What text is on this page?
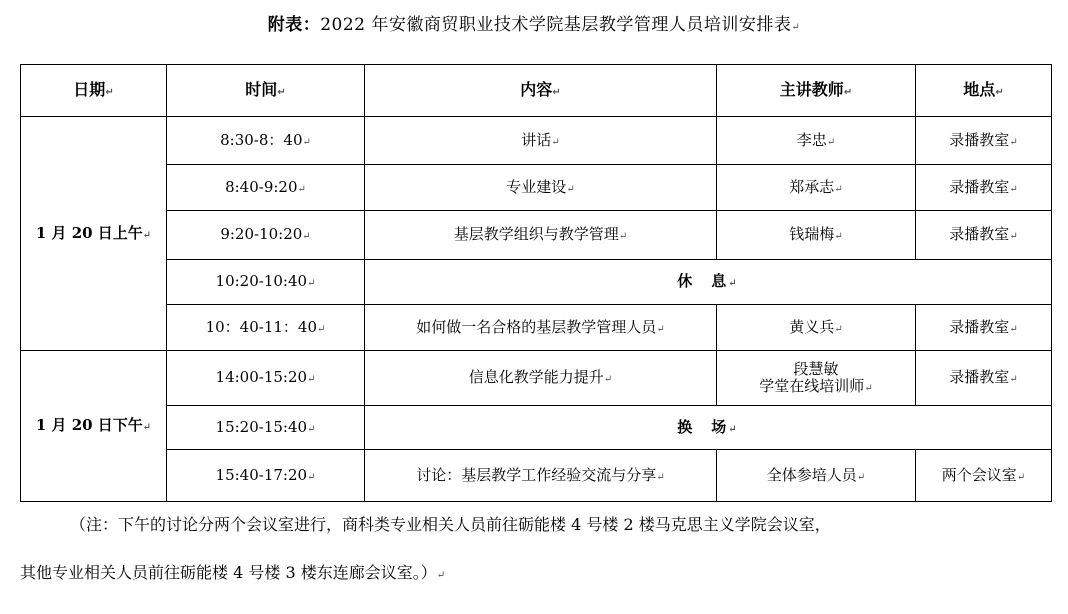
附表：2022 年安徽商贸职业技术学院基层教学管理人员培训安排表↵
日期↵	时间↵	内容↵	主讲教师↵	地点↵
1 月 20 日上午↵	8:30-8：40↵	讲话↵	李忠↵	录播教室↵
	8:40-9:20↵	专业建设↵	郑承志↵	录播教室↵
	9:20-10:20↵	基层教学组织与教学管理↵	钱瑞梅↵	录播教室↵
	10:20-10:40↵	休　息↵		
	10：40-11：40↵	如何做一名合格的基层教学管理人员↵	黄义兵↵	录播教室↵
1 月 20 日下午↵	14:00-15:20↵	信息化教学能力提升↵	段慧敏
学堂在线培训师↵	录播教室↵
	15:20-15:40↵	换　场↵		
	15:40-17:20↵	讨论：基层教学工作经验交流与分享↵	全体参培人员↵	两个会议室↵
（注：下午的讨论分两个会议室进行，商科类专业相关人员前往砺能楼 4 号楼 2 楼马克思主义学院会议室，
其他专业相关人员前往砺能楼 4 号楼 3 楼东连廊会议室。）↵
